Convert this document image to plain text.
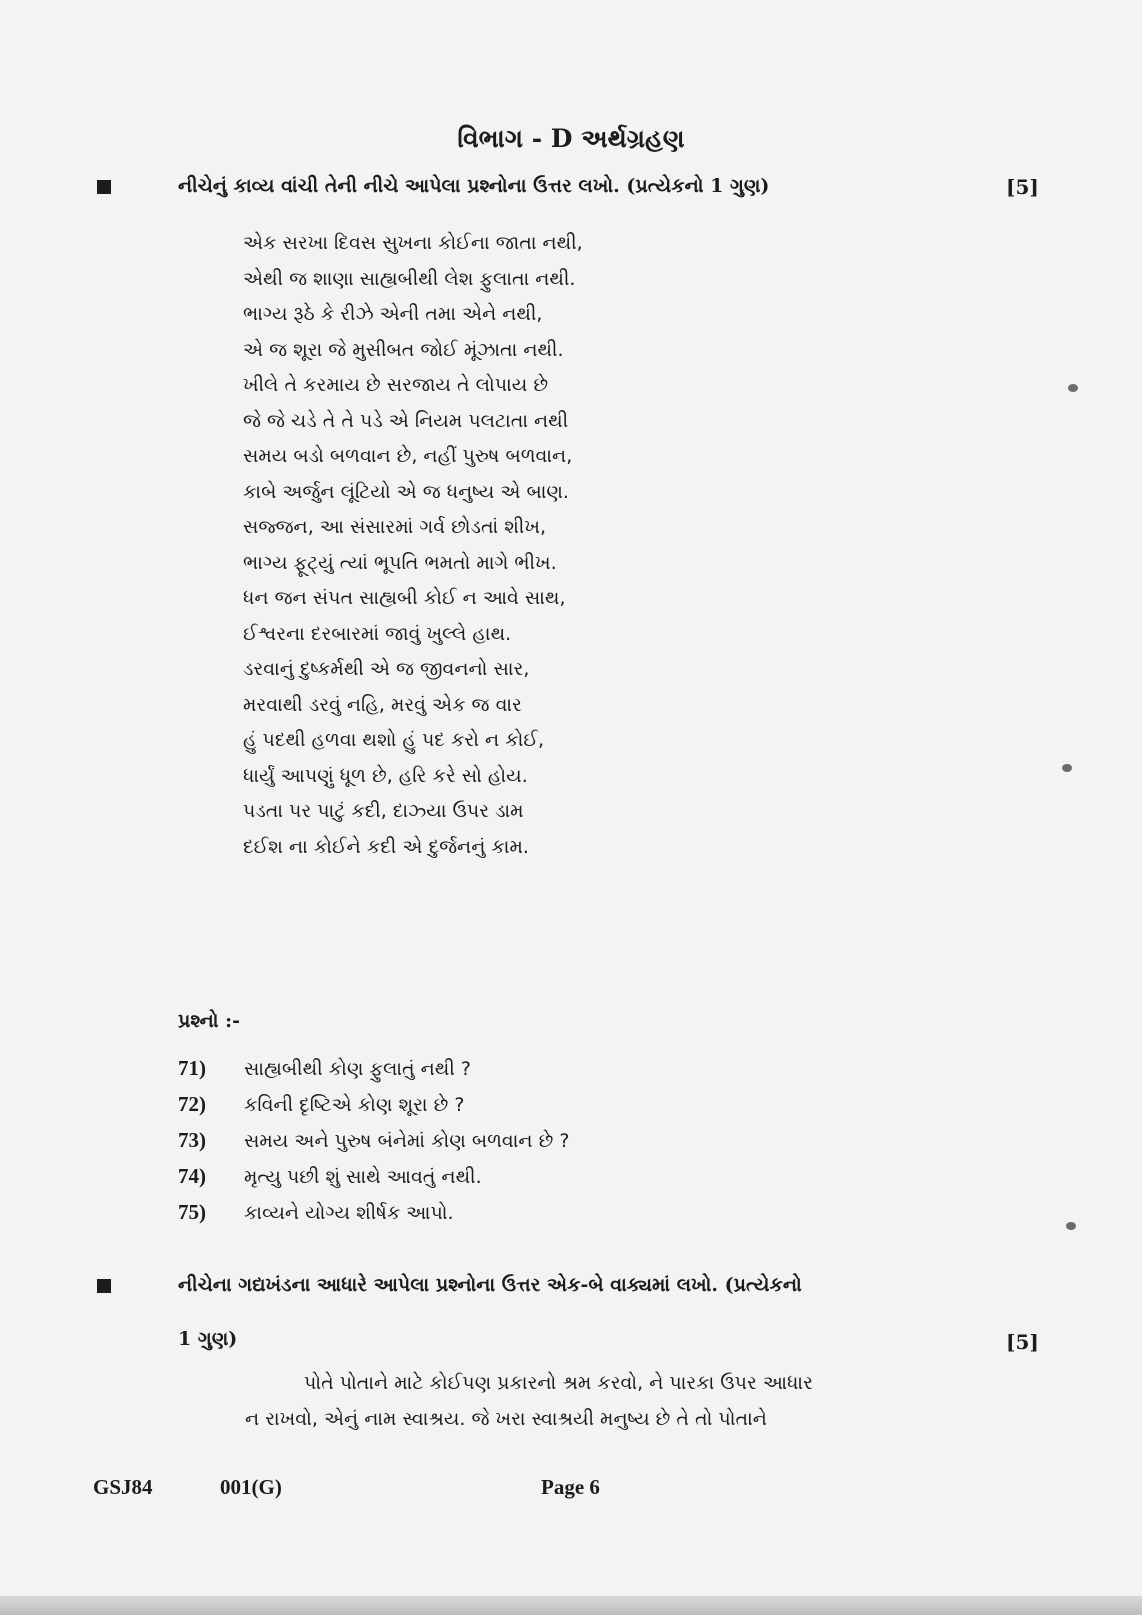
વિભાગ - D અર્થગ્રહણ
નીચેનું કાવ્ય વાંચી તેની નીચે આપેલા પ્રશ્નોના ઉત્તર લખો. (પ્રત્યેકનો 1 ગુણ)	[5]
એક સરખા દિવસ સુખના કોઈના જાતા નથી,
એથી જ શાણા સાહ્યબીથી લેશ ફુલાતા નથી.
ભાગ્ય રૂઠે કે રીઝે એની તમા એને નથી,
એ જ શૂરા જે મુસીબત જોઈ મૂંઝાતા નથી.
ખીલે તે કરમાય છે સરજાય તે લોપાય છે
જે જે ચડે તે તે પડે એ નિયમ પલટાતા નથી
સમય બડો બળવાન છે, નહીં પુરુષ બળવાન,
કાબે અર્જુન લૂંટિયો એ જ ધનુષ્ય એ બાણ.
સજ્જન, આ સંસારમાં ગર્વ છોડતાં શીખ,
ભાગ્ય ફૂટ્યું ત્યાં ભૂપતિ ભમતો માગે ભીખ.
ધન જન સંપત સાહ્યબી કોઈ ન આવે સાથ,
ઈશ્વરના દરબારમાં જાવું ખુલ્લે હાથ.
ડરવાનું દુષ્કર્મથી એ જ જીવનનો સાર,
મરવાથી ડરવું નહિ, મરવું એક જ વાર
હું પદથી હળવા થશો હું પદ કરો ન કોઈ,
ધાર્યું આપણું ધૂળ છે, હરિ કરે સો હોય.
પડતા પર પાટું કદી, દાઝ્યા ઉપર ડામ
દઈશ ના કોઈને કદી એ દુર્જનનું કામ.
પ્રશ્નો :-
71) સાહ્યબીથી કોણ ફુલાતું નથી ?
72) કવિની દૃષ્ટિએ કોણ શૂરા છે ?
73) સમય અને પુરુષ બંનેમાં કોણ બળવાન છે ?
74) મૃત્યુ પછી શું સાથે આવતું નથી.
75) કાવ્યને યોગ્ય શીર્ષક આપો.
નીચેના ગદ્યખંડના આધારે આપેલા પ્રશ્નોના ઉત્તર એક-બે વાક્યમાં લખો. (પ્રત્યેકનો
1 ગુણ)	[5]
પોતે પોતાને માટે કોઈપણ પ્રકારનો શ્રમ કરવો, ને પારકા ઉપર આધાર
ન રાખવો, એનું નામ સ્વાશ્રય. જે ખરા સ્વાશ્રયી મનુષ્ય છે તે તો પોતાને
GSJ84	001(G)	Page 6
